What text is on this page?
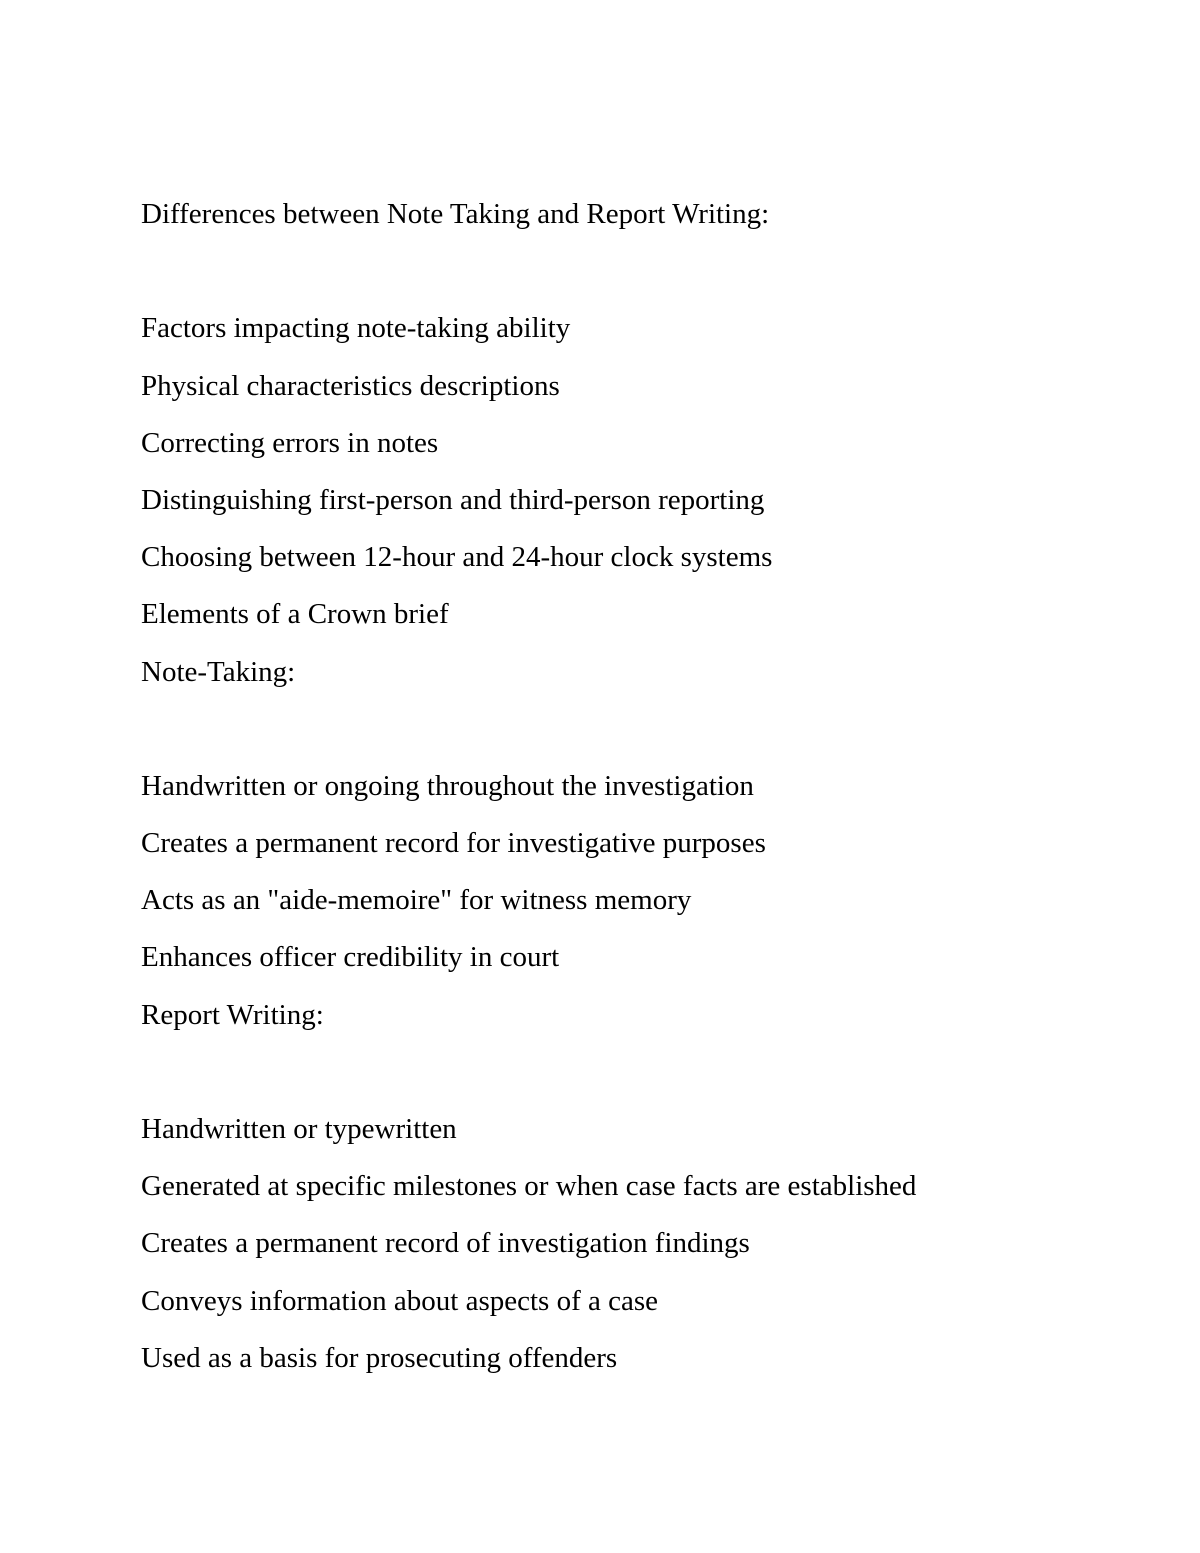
Differences between Note Taking and Report Writing:

Factors impacting note-taking ability

Physical characteristics descriptions

Correcting errors in notes

Distinguishing first-person and third-person reporting

Choosing between 12-hour and 24-hour clock systems

Elements of a Crown brief

Note-Taking:

Handwritten or ongoing throughout the investigation

Creates a permanent record for investigative purposes

Acts as an "aide-memoire" for witness memory

Enhances officer credibility in court

Report Writing:

Handwritten or typewritten

Generated at specific milestones or when case facts are established

Creates a permanent record of investigation findings

Conveys information about aspects of a case

Used as a basis for prosecuting offenders
